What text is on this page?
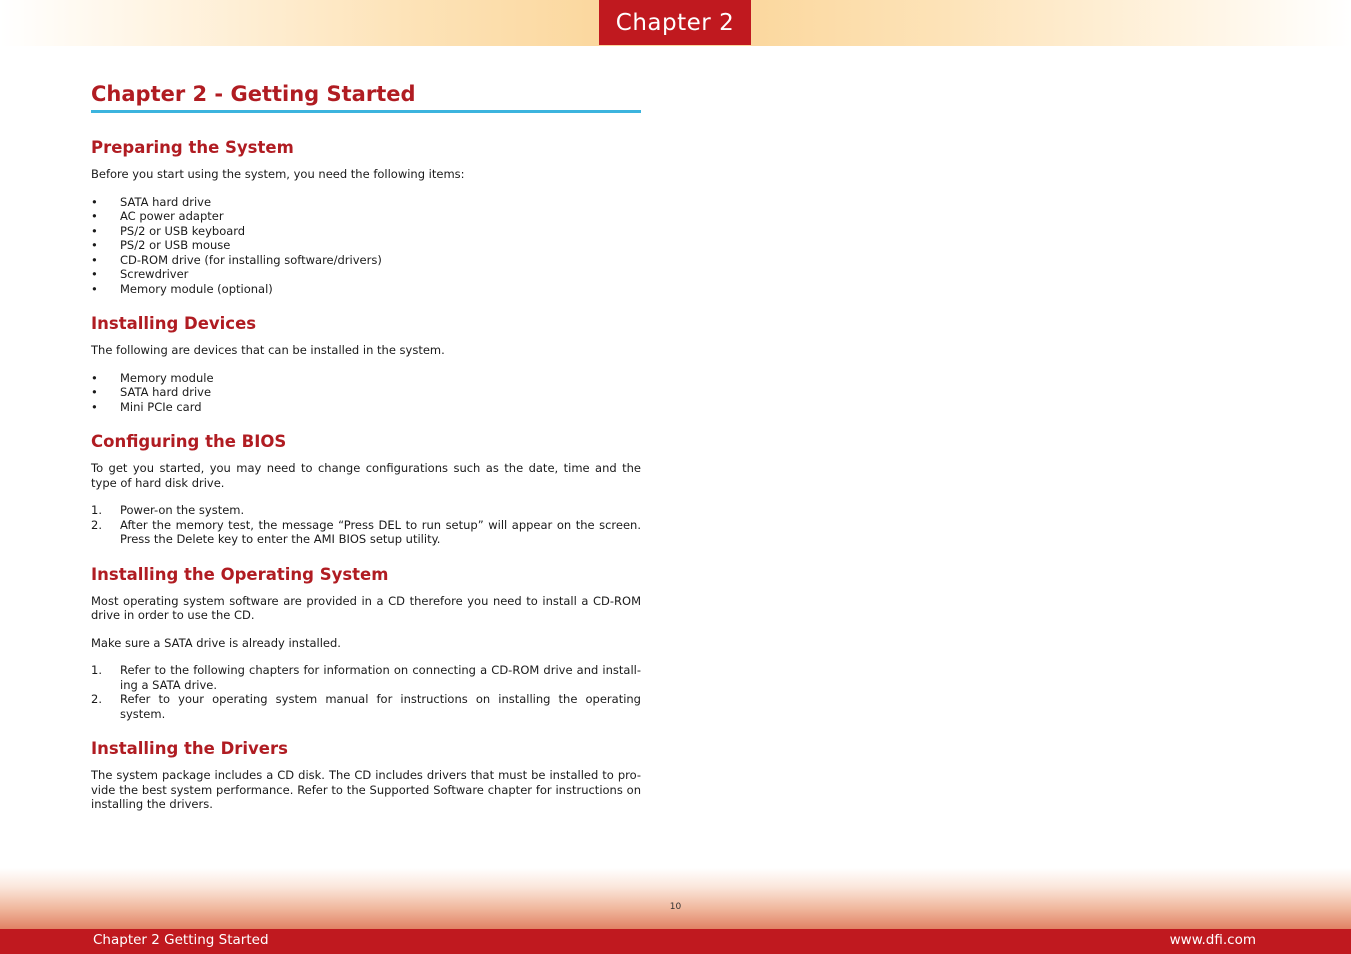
Chapter 2
Chapter 2 - Getting Started
Preparing the System

Before you start using the system, you need the following items:

• SATA hard drive
• AC power adapter
• PS/2 or USB keyboard
• PS/2 or USB mouse
• CD-ROM drive (for installing software/drivers)
• Screwdriver
• Memory module (optional)
Installing Devices

The following are devices that can be installed in the system.

• Memory module
• SATA hard drive
• Mini PCIe card
Configuring the BIOS

To get you started, you may need to change configurations such as the date, time and the type of hard disk drive.

1. Power-on the system.
2. After the memory test, the message “Press DEL to run setup” will appear on the screen. Press the Delete key to enter the AMI BIOS setup utility.
Installing the Operating System

Most operating system software are provided in a CD therefore you need to install a CD-ROM drive in order to use the CD.

Make sure a SATA drive is already installed.

1. Refer to the following chapters for information on connecting a CD-ROM drive and install-ing a SATA drive.
2. Refer to your operating system manual for instructions on installing the operating system.
Installing the Drivers

The system package includes a CD disk. The CD includes drivers that must be installed to pro-vide the best system performance. Refer to the Supported Software chapter for instructions on installing the drivers.

10
Chapter 2 Getting Started	www.dfi.com
